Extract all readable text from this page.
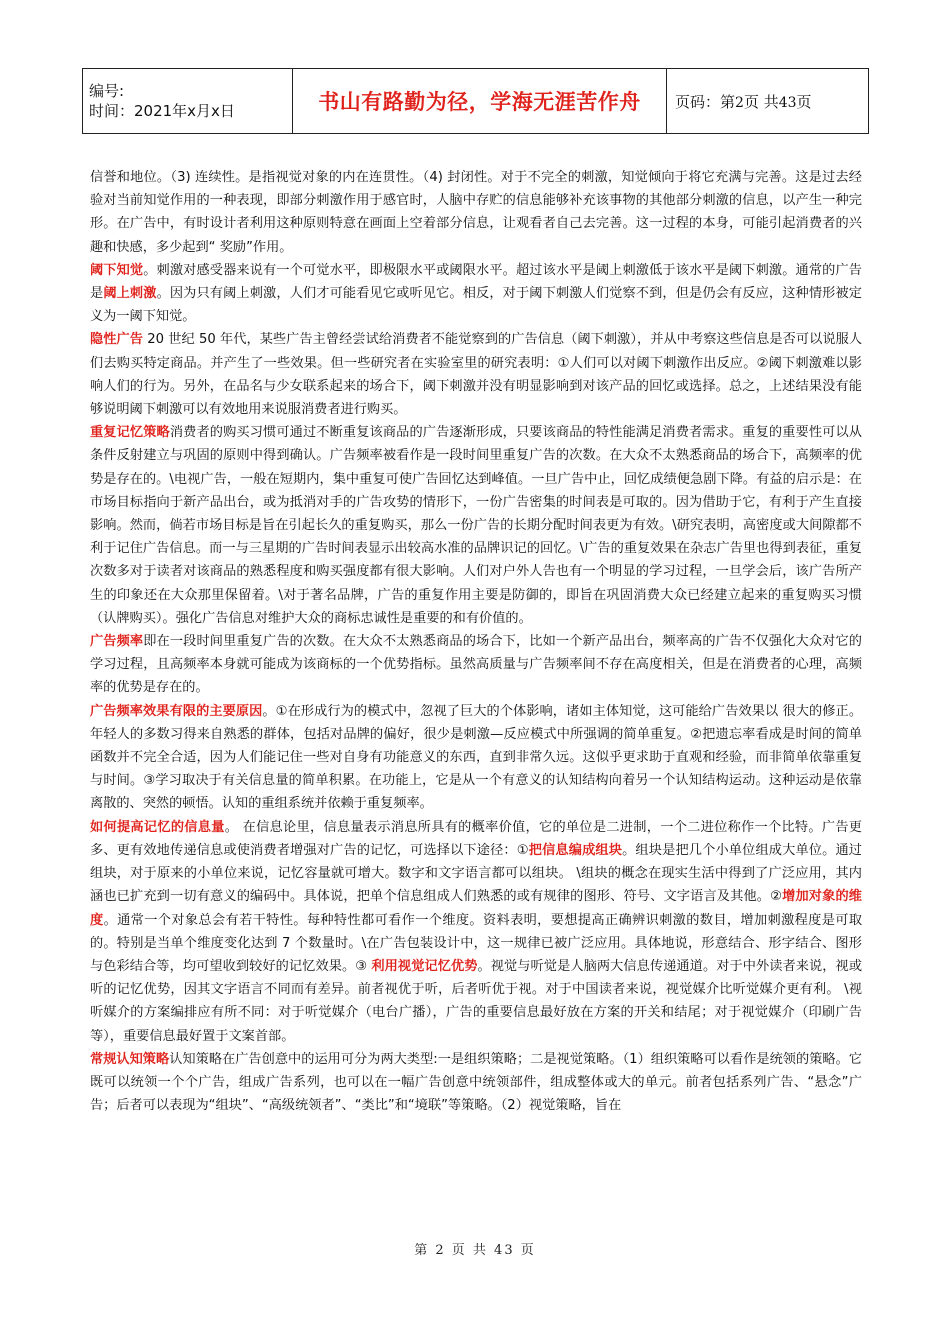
编号:
时间：2021年x月x日	书山有路勤为径，学海无涯苦作舟	页码：第2页 共43页

信誉和地位。（3) 连续性。是指视觉对象的内在连贯性。（4) 封闭性。对于不完全的刺激，知觉倾向于将它充满与完善。这是过去经验对当前知觉作用的一种表现，即部分刺激作用于感官时，人脑中存贮的信息能够补充该事物的其他部分刺激的信息，以产生一种完形。在广告中，有时设计者利用这种原则特意在画面上空着部分信息，让观看者自己去完善。这一过程的本身，可能引起消费者的兴趣和快感，多少起到“ 奖励”作用。

阈下知觉。刺激对感受器来说有一个可觉水平，即极限水平或阈限水平。超过该水平是阈上刺激低于该水平是阈下刺激。通常的广告是阈上刺激。因为只有阈上刺激，人们才可能看见它或听见它。相反，对于阈下刺激人们觉察不到，但是仍会有反应，这种情形被定义为一阈下知觉。

隐性广告 20 世纪 50 年代，某些广告主曾经尝试给消费者不能觉察到的广告信息（阈下刺激），并从中考察这些信息是否可以说服人们去购买特定商品。并产生了一些效果。但一些研究者在实验室里的研究表明：①人们可以对阈下刺激作出反应。②阈下刺激难以影响人们的行为。另外，在品名与少女联系起来的场合下，阈下刺激并没有明显影响到对该产品的回忆或选择。总之，上述结果没有能够说明阈下刺激可以有效地用来说服消费者进行购买。

重复记忆策略消费者的购买习惯可通过不断重复该商品的广告逐渐形成，只要该商品的特性能满足消费者需求。重复的重要性可以从条件反射建立与巩固的原则中得到确认。广告频率被看作是一段时间里重复广告的次数。在大众不太熟悉商品的场合下，高频率的优势是存在的。\电视广告，一般在短期内，集中重复可使广告回忆达到峰值。一旦广告中止，回忆成绩便急剧下降。有益的启示是：在市场目标指向于新产品出台，或为抵消对手的广告攻势的情形下，一份广告密集的时间表是可取的。因为借助于它，有利于产生直接影响。然而，倘若市场目标是旨在引起长久的重复购买，那么一份广告的长期分配时间表更为有效。\研究表明，高密度或大间隙都不利于记住广告信息。而一与三星期的广告时间表显示出较高水准的品牌识记的回忆。\广告的重复效果在杂志广告里也得到表征，重复次数多对于读者对该商品的熟悉程度和购买强度都有很大影响。人们对户外人告也有一个明显的学习过程，一旦学会后，该广告所产生的印象还在大众那里保留着。\对于著名品牌，广告的重复作用主要是防御的，即旨在巩固消费大众已经建立起来的重复购买习惯（认牌购买）。强化广告信息对维护大众的商标忠诚性是重要的和有价值的。

广告频率即在一段时间里重复广告的次数。在大众不太熟悉商品的场合下，比如一个新产品出台，频率高的广告不仅强化大众对它的学习过程，且高频率本身就可能成为该商标的一个优势指标。虽然高质量与广告频率间不存在高度相关，但是在消费者的心理，高频率的优势是存在的。

广告频率效果有限的主要原因。①在形成行为的模式中，忽视了巨大的个体影响，诸如主体知觉，这可能给广告效果以 很大的修正。年轻人的多数习得来自熟悉的群体，包括对品牌的偏好，很少是刺激—反应模式中所强调的简单重复。②把遗忘率看成是时间的简单函数并不完全合适，因为人们能记住一些对自身有功能意义的东西，直到非常久远。这似乎更求助于直观和经验，而非简单依靠重复与时间。③学习取决于有关信息量的简单积累。在功能上，它是从一个有意义的认知结构向着另一个认知结构运动。这种运动是依靠离散的、突然的顿悟。认知的重组系统并依赖于重复频率。

如何提高记忆的信息量。 在信息论里，信息量表示消息所具有的概率价值，它的单位是二进制，一个二进位称作一个比特。广告更多、更有效地传递信息或使消费者增强对广告的记忆，可选择以下途径：①把信息编成组块。组块是把几个小单位组成大单位。通过组块，对于原来的小单位来说，记忆容量就可增大。数字和文字语言都可以组块。 \组块的概念在现实生活中得到了广泛应用，其内涵也已扩充到一切有意义的编码中。具体说，把单个信息组成人们熟悉的或有规律的图形、符号、文字语言及其他。②增加对象的维度。通常一个对象总会有若干特性。每种特性都可看作一个维度。资料表明，要想提高正确辨识刺激的数目，增加刺激程度是可取的。特别是当单个维度变化达到 7 个数量时。\在广告包装设计中，这一规律已被广泛应用。具体地说，形意结合、形字结合、图形与色彩结合等，均可望收到较好的记忆效果。③ 利用视觉记忆优势。视觉与听觉是人脑两大信息传递通道。对于中外读者来说，视或听的记忆优势，因其文字语言不同而有差异。前者视优于听，后者听优于视。对于中国读者来说，视觉媒介比听觉媒介更有利。 \视听媒介的方案编排应有所不同：对于听觉媒介（电台广播），广告的重要信息最好放在方案的开关和结尾；对于视觉媒介（印刷广告等），重要信息最好置于文案首部。

常规认知策略认知策略在广告创意中的运用可分为两大类型:一是组织策略；二是视觉策略。（1）组织策略可以看作是统领的策略。它既可以统领一个个广告，组成广告系列，也可以在一幅广告创意中统领部件，组成整体或大的单元。前者包括系列广告、“悬念”广告；后者可以表现为“组块”、“高级统领者”、“类比”和“境联”等策略。（2）视觉策略，旨在

第 2 页 共 43 页
